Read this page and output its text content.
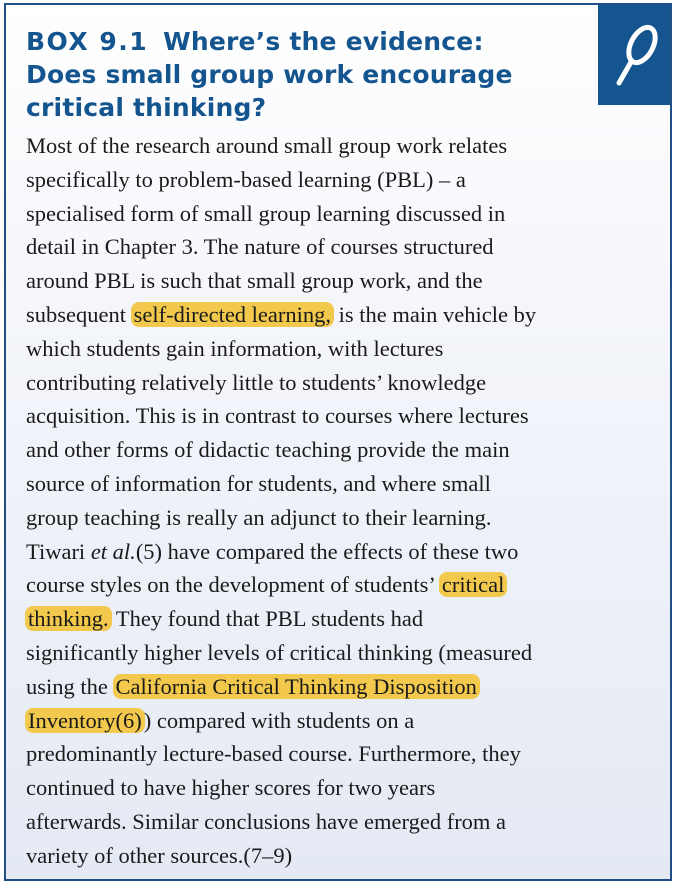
BOX 9.1 Where’s the evidence:
Does small group work encourage
critical thinking?

Most of the research around small group work relates
specifically to problem-based learning (PBL) – a
specialised form of small group learning discussed in
detail in Chapter 3. The nature of courses structured
around PBL is such that small group work, and the
subsequent self-directed learning, is the main vehicle by
which students gain information, with lectures
contributing relatively little to students’ knowledge
acquisition. This is in contrast to courses where lectures
and other forms of didactic teaching provide the main
source of information for students, and where small
group teaching is really an adjunct to their learning.
Tiwari et al.(5) have compared the effects of these two
course styles on the development of students’ critical
thinking. They found that PBL students had
significantly higher levels of critical thinking (measured
using the California Critical Thinking Disposition
Inventory(6)) compared with students on a
predominantly lecture-based course. Furthermore, they
continued to have higher scores for two years
afterwards. Similar conclusions have emerged from a
variety of other sources.(7–9)
